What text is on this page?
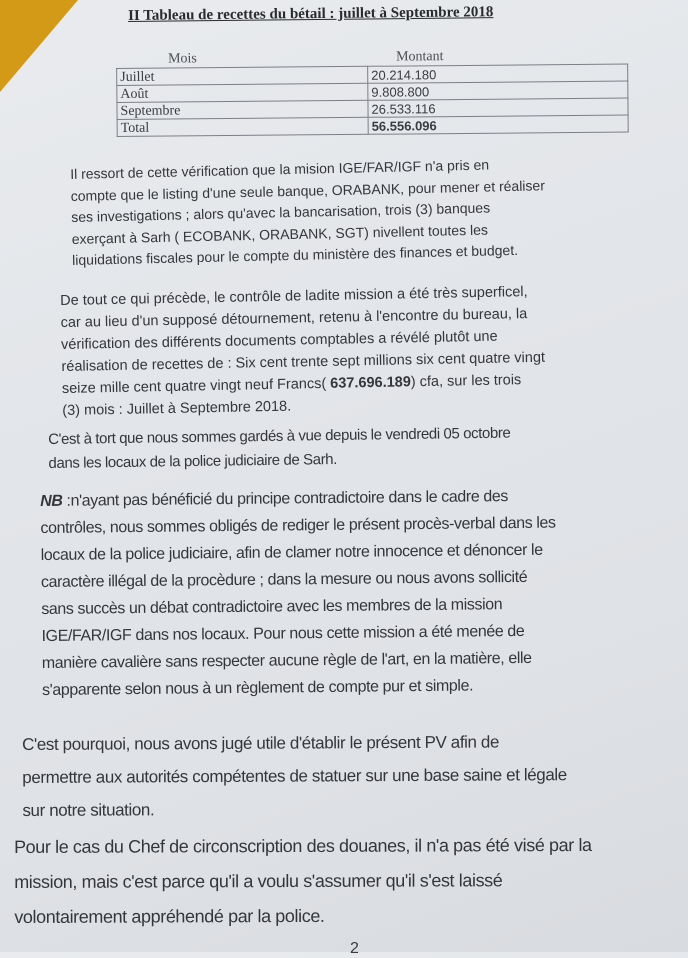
II Tableau de recettes du bétail : juillet à Septembre 2018
Mois	Montant
Juillet	20.214.180
Août	9.808.800
Septembre	26.533.116
Total	56.556.096
Il ressort de cette vérification que la mision IGE/FAR/IGF n'a pris en
compte que le listing d'une seule banque, ORABANK, pour mener et réaliser
ses investigations ; alors qu'avec la bancarisation, trois (3) banques
exerçant à Sarh ( ECOBANK, ORABANK, SGT) nivellent toutes les
liquidations fiscales pour le compte du ministère des finances et budget.
De tout ce qui précède, le contrôle de ladite mission a été très superficel,
car au lieu d'un supposé détournement, retenu à l'encontre du bureau, la
vérification des différents documents comptables a révélé plutôt une
réalisation de recettes de : Six cent trente sept millions six cent quatre vingt
seize mille cent quatre vingt neuf Francs( 637.696.189) cfa, sur les trois
(3) mois : Juillet à Septembre 2018.
C'est à tort que nous sommes gardés à vue depuis le vendredi 05 octobre
dans les locaux de la police judiciaire de Sarh.
NB :n'ayant pas bénéficié du principe contradictoire dans le cadre des
contrôles, nous sommes obligés de rediger le présent procès-verbal dans les
locaux de la police judiciaire, afin de clamer notre innocence et dénoncer le
caractère illégal de la procèdure ; dans la mesure ou nous avons sollicité
sans succès un débat contradictoire avec les membres de la mission
IGE/FAR/IGF dans nos locaux. Pour nous cette mission a été menée de
manière cavalière sans respecter aucune règle de l'art, en la matière, elle
s'apparente selon nous à un règlement de compte pur et simple.
C'est pourquoi, nous avons jugé utile d'établir le présent PV afin de
permettre aux autorités compétentes de statuer sur une base saine et légale
sur notre situation.
Pour le cas du Chef de circonscription des douanes, il n'a pas été visé par la
mission, mais c'est parce qu'il a voulu s'assumer qu'il s'est laissé
volontairement appréhendé par la police.
2
